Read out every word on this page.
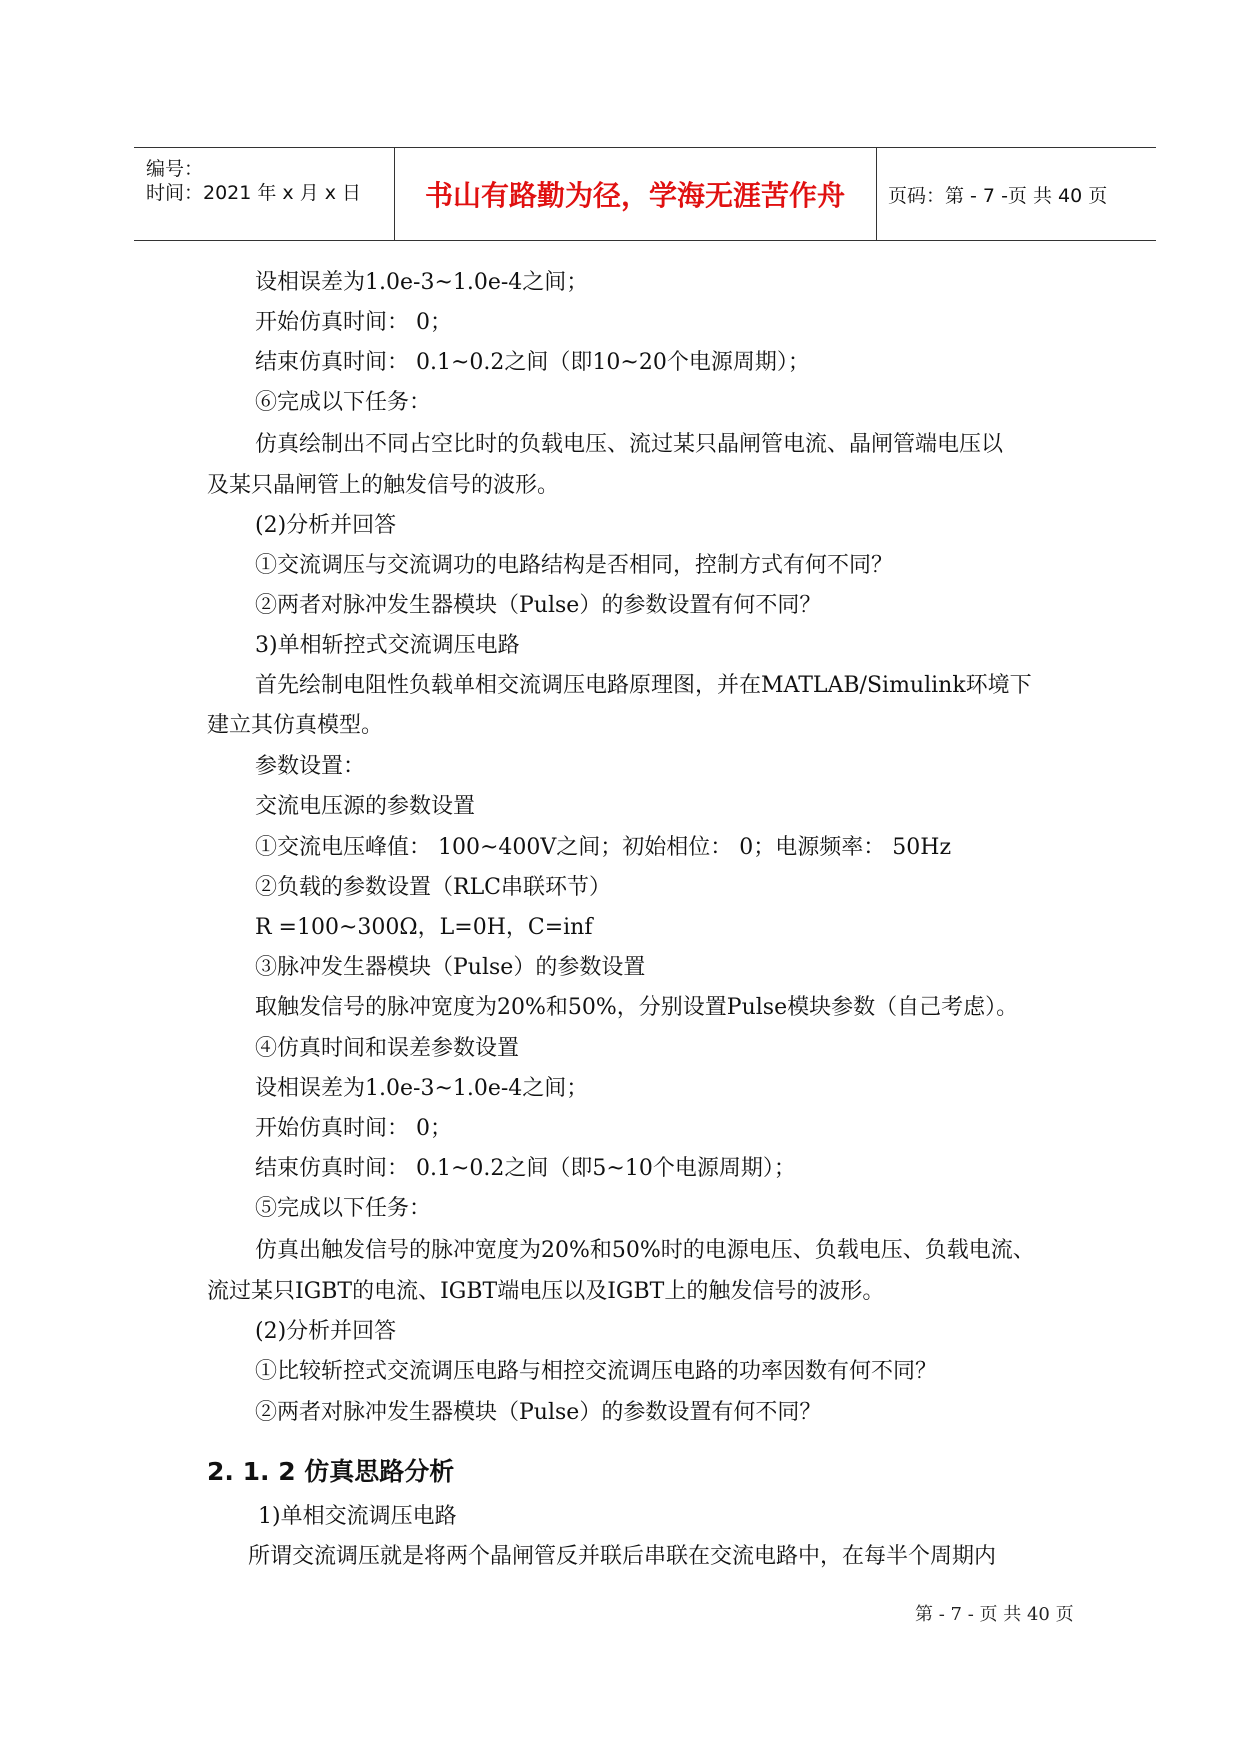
编号：
时间：2021 年 x 月 x 日	书山有路勤为径，学海无涯苦作舟	页码：第 - 7 -页 共 40 页
设相误差为1.0e-3~1.0e-4之间；
开始仿真时间： 0；
结束仿真时间： 0.1~0.2之间（即10~20个电源周期）；
⑥完成以下任务：
仿真绘制出不同占空比时的负载电压、流过某只晶闸管电流、晶闸管端电压以
及某只晶闸管上的触发信号的波形。
(2)分析并回答
①交流调压与交流调功的电路结构是否相同，控制方式有何不同？
②两者对脉冲发生器模块（Pulse）的参数设置有何不同？
3)单相斩控式交流调压电路
首先绘制电阻性负载单相交流调压电路原理图，并在MATLAB/Simulink环境下
建立其仿真模型。
参数设置：
交流电压源的参数设置
①交流电压峰值： 100~400V之间；初始相位： 0；电源频率： 50Hz
②负载的参数设置（RLC串联环节）
R =100~300Ω，L=0H，C=inf
③脉冲发生器模块（Pulse）的参数设置
取触发信号的脉冲宽度为20%和50%，分别设置Pulse模块参数（自己考虑）。
④仿真时间和误差参数设置
设相误差为1.0e-3~1.0e-4之间；
开始仿真时间： 0；
结束仿真时间： 0.1~0.2之间（即5~10个电源周期）；
⑤完成以下任务：
仿真出触发信号的脉冲宽度为20%和50%时的电源电压、负载电压、负载电流、
流过某只IGBT的电流、IGBT端电压以及IGBT上的触发信号的波形。
(2)分析并回答
①比较斩控式交流调压电路与相控交流调压电路的功率因数有何不同？
②两者对脉冲发生器模块（Pulse）的参数设置有何不同？
2. 1. 2 仿真思路分析
1)单相交流调压电路
所谓交流调压就是将两个晶闸管反并联后串联在交流电路中，在每半个周期内
第 - 7 - 页 共 40 页
